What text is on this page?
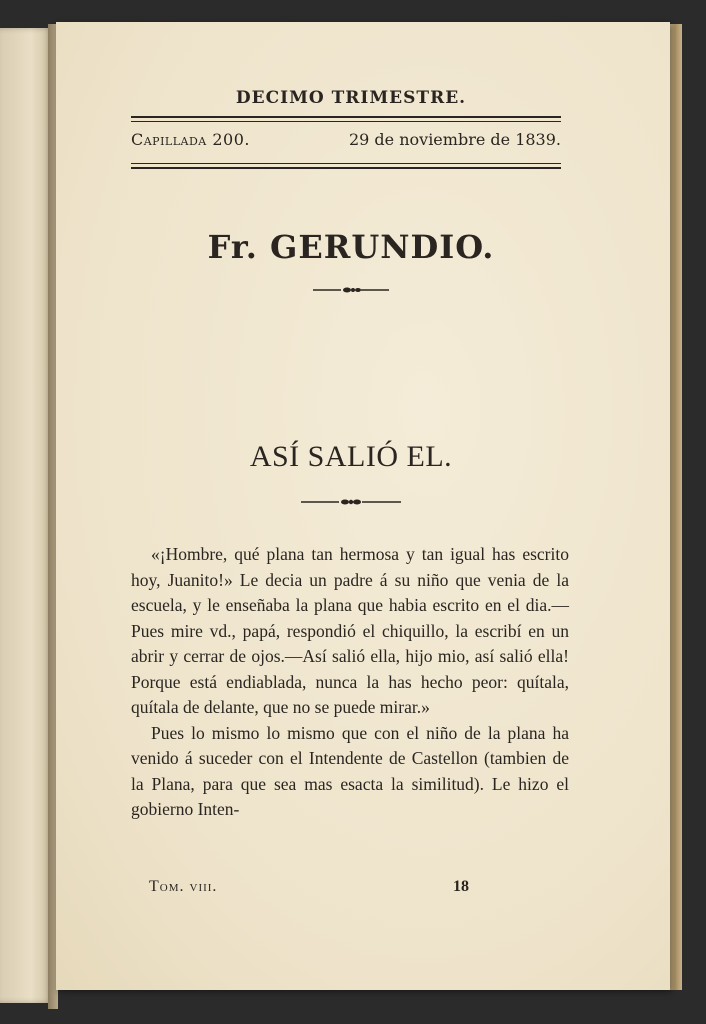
DECIMO TRIMESTRE.
Capillada 200.	29 de noviembre de 1839.
Fr. GERUNDIO.
ASÍ SALIÓ EL.

«¡Hombre, qué plana tan hermosa y tan igual has escrito hoy, Juanito!» Le decia un padre á su niño que venia de la escuela, y le enseñaba la plana que habia escrito en el dia.—Pues mire vd., papá, respondió el chiquillo, la escribí en un abrir y cerrar de ojos.—Así salió ella, hijo mio, así salió ella! Porque está endiablada, nunca la has hecho peor: quítala, quítala de delante, que no se puede mirar.»

Pues lo mismo lo mismo que con el niño de la plana ha venido á suceder con el Intendente de Castellon (tambien de la Plana, para que sea mas esacta la similitud). Le hizo el gobierno Inten-

Tom. viii.	18
